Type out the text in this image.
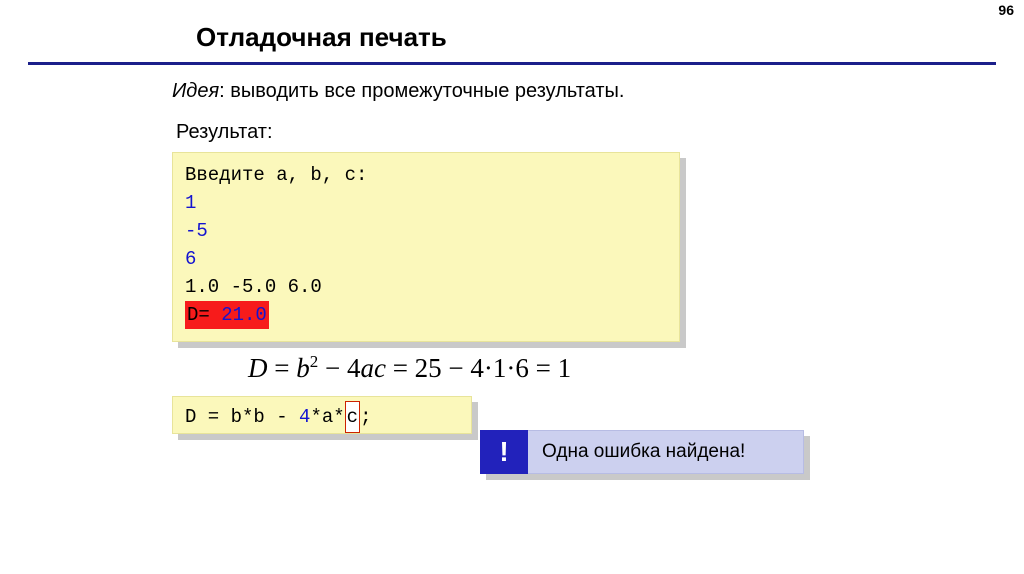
96
Отладочная печать
Идея: выводить все промежуточные результаты.
Результат:
Введите a, b, c:
1
-5
6
1.0 -5.0 6.0
D= 21.0
$D = b^2 - 4ac = 25 - 4\cdot 1\cdot 6 = 1$
D = b*b - 4*a* c ;
!	Одна ошибка найдена!
